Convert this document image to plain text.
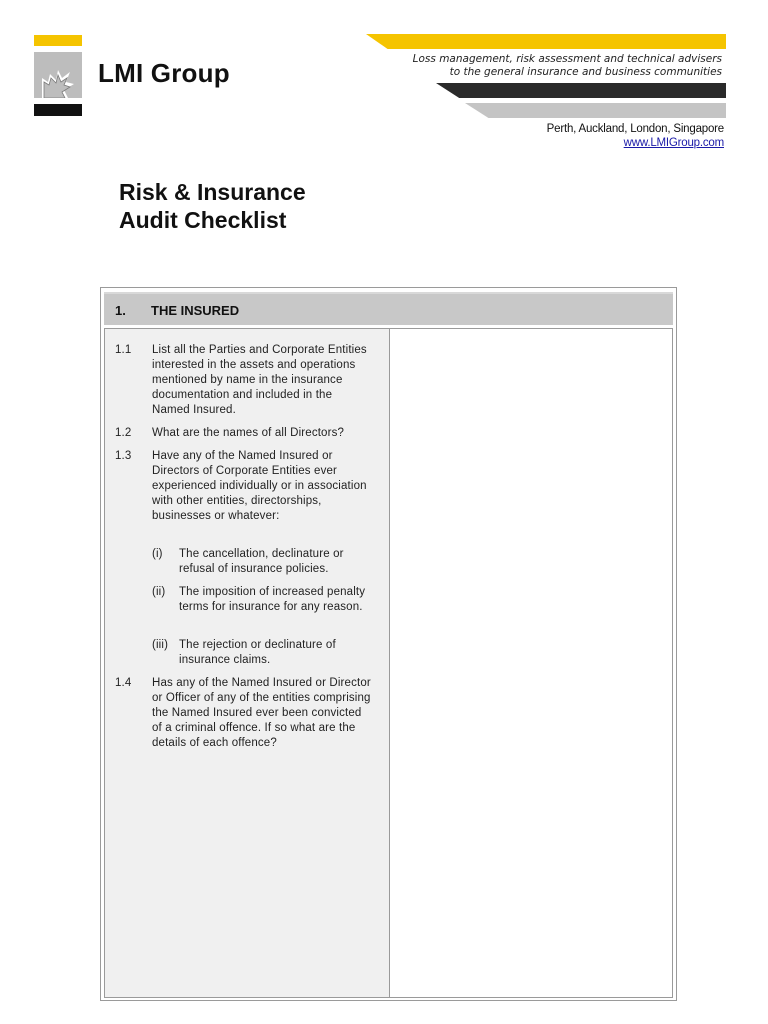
LMI Group	Loss management, risk assessment and technical advisers
to the general insurance and business communities
Perth, Auckland, London, Singapore
www.LMIGroup.com
Risk & Insurance
Audit Checklist
1. THE INSURED
1.1 List all the Parties and Corporate Entities interested in the assets and operations mentioned by name in the insurance documentation and included in the Named Insured.
1.2 What are the names of all Directors?
1.3 Have any of the Named Insured or Directors of Corporate Entities ever experienced individually or in association with other entities, directorships, businesses or whatever:
(i) The cancellation, declinature or refusal of insurance policies.
(ii) The imposition of increased penalty terms for insurance for any reason.
(iii) The rejection or declinature of insurance claims.
1.4 Has any of the Named Insured or Director or Officer of any of the entities comprising the Named Insured ever been convicted of a criminal offence. If so what are the details of each offence?
